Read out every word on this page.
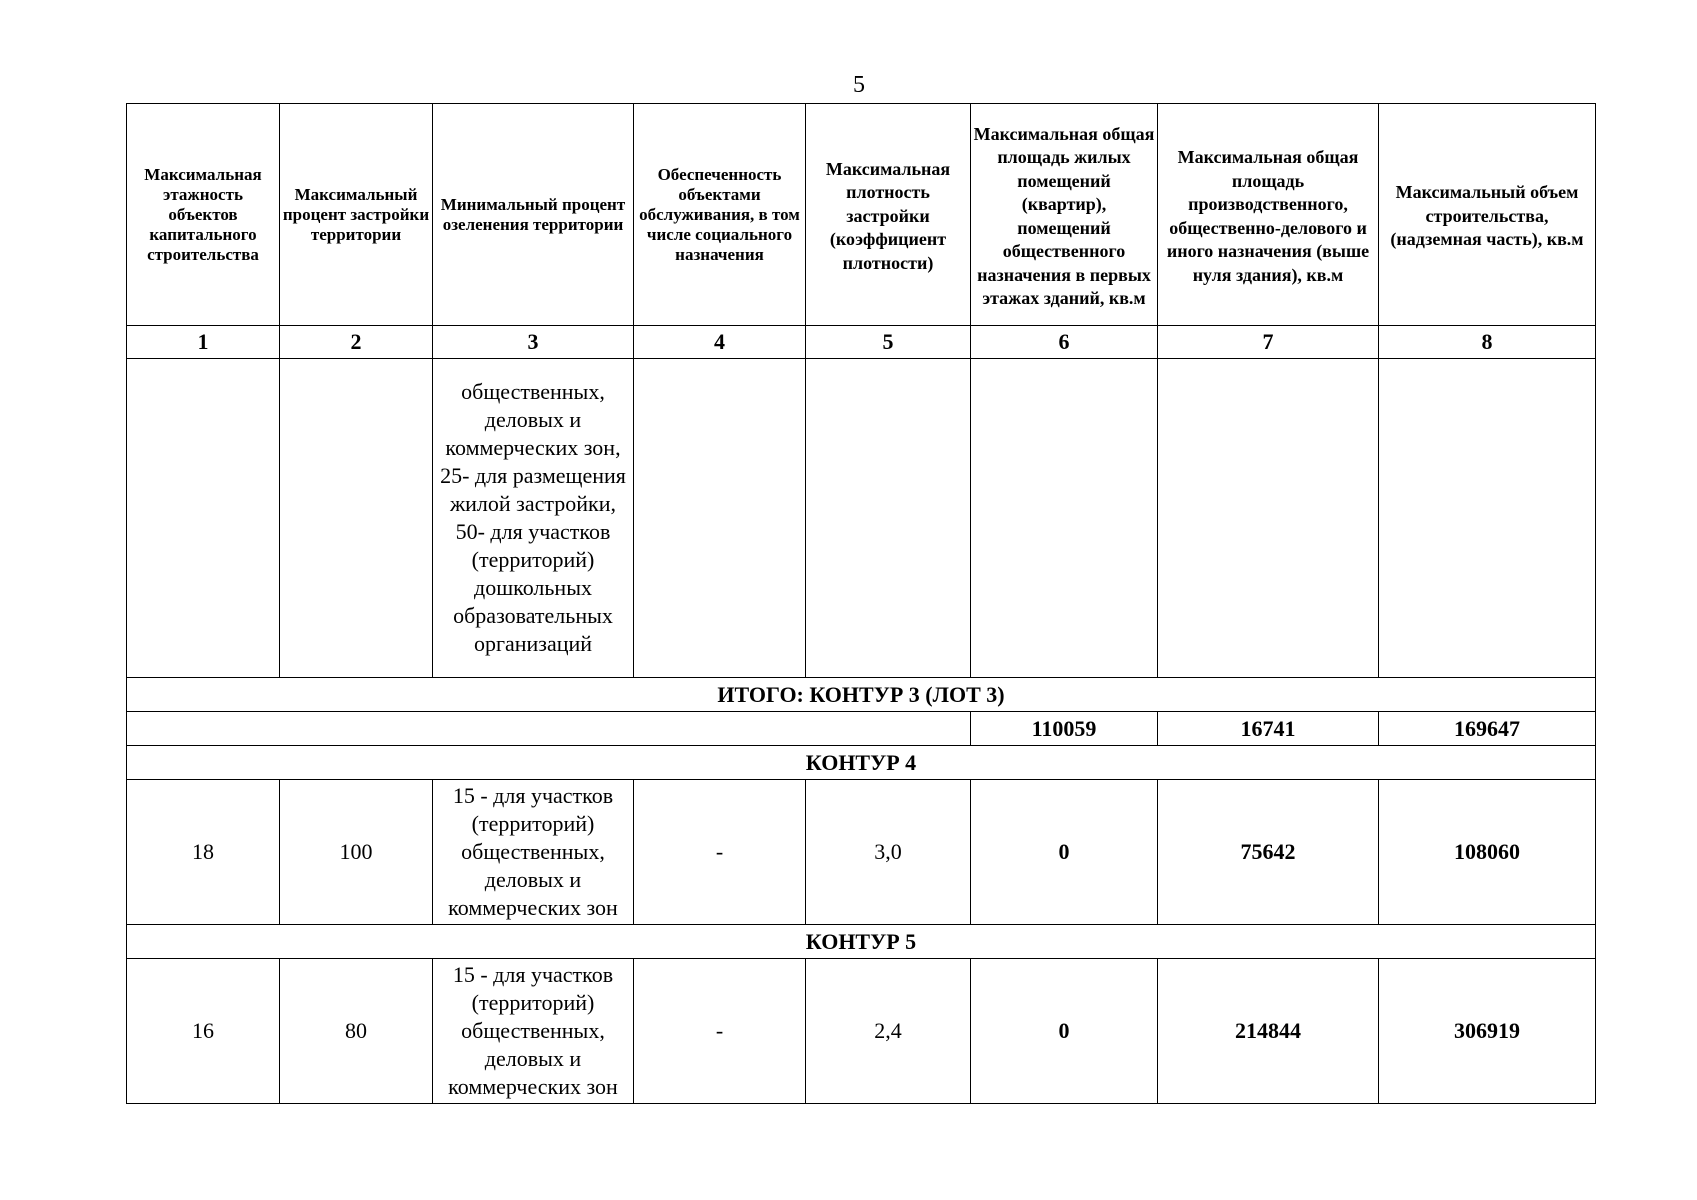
5
Максимальная этажность объектов капитального строительства	Максимальный процент застройки территории	Минимальный процент озеленения территории	Обеспеченность объектами обслуживания, в том числе социального назначения	Максимальная плотность застройки (коэффициент плотности)	Максимальная общая площадь жилых помещений (квартир), помещений общественного назначения в первых этажах зданий, кв.м	Максимальная общая площадь производственного, общественно-делового и иного назначения (выше нуля здания), кв.м	Максимальный объем строительства, (надземная часть), кв.м
1	2	3	4	5	6	7	8
		общественных, деловых и коммерческих зон, 25- для размещения жилой застройки, 50- для участков (территорий) дошкольных образовательных организаций					
ИТОГО: КОНТУР 3 (ЛОТ 3)							
					110059	16741	169647
КОНТУР 4							
18	100	15 - для участков (территорий) общественных, деловых и коммерческих зон	-	3,0	0	75642	108060
КОНТУР 5							
16	80	15 - для участков (территорий) общественных, деловых и коммерческих зон	-	2,4	0	214844	306919
